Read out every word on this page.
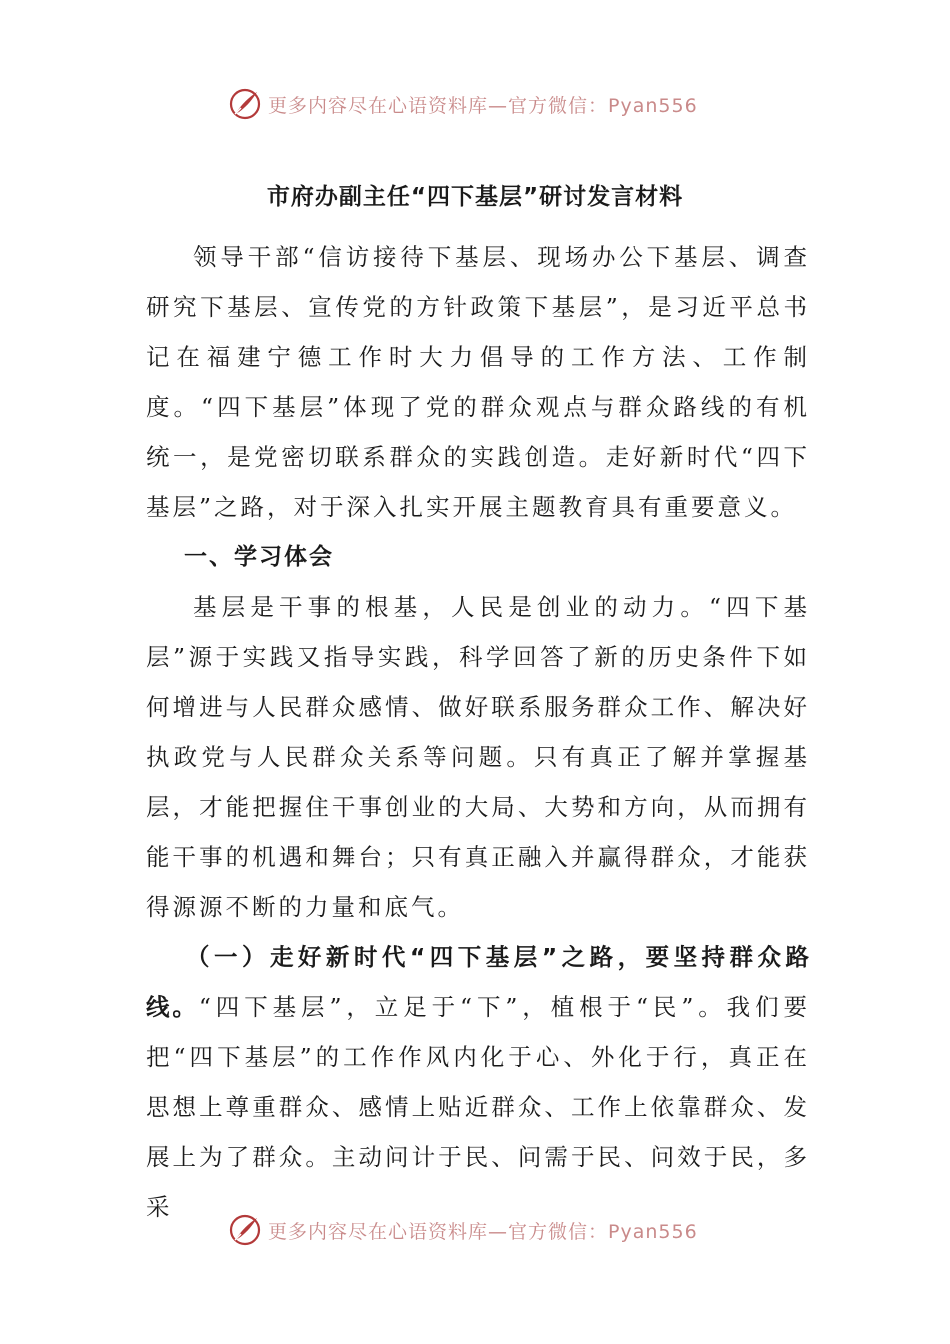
更多内容尽在心语资料库—官方微信：Pyan556
市府办副主任“四下基层”研讨发言材料

领导干部“信访接待下基层、现场办公下基层、调查研究下基层、宣传党的方针政策下基层”，是习近平总书记在福建宁德工作时大力倡导的工作方法、工作制度。“四下基层”体现了党的群众观点与群众路线的有机统一，是党密切联系群众的实践创造。走好新时代“四下基层”之路，对于深入扎实开展主题教育具有重要意义。

一、学习体会

基层是干事的根基，人民是创业的动力。“四下基层”源于实践又指导实践，科学回答了新的历史条件下如何增进与人民群众感情、做好联系服务群众工作、解决好执政党与人民群众关系等问题。只有真正了解并掌握基层，才能把握住干事创业的大局、大势和方向，从而拥有能干事的机遇和舞台；只有真正融入并赢得群众，才能获得源源不断的力量和底气。

（一）走好新时代“四下基层”之路，要坚持群众路线。“四下基层”，立足于“下”，植根于“民”。我们要把“四下基层”的工作作风内化于心、外化于行，真正在思想上尊重群众、感情上贴近群众、工作上依靠群众、发展上为了群众。主动问计于民、问需于民、问效于民，多采

更多内容尽在心语资料库—官方微信：Pyan556
